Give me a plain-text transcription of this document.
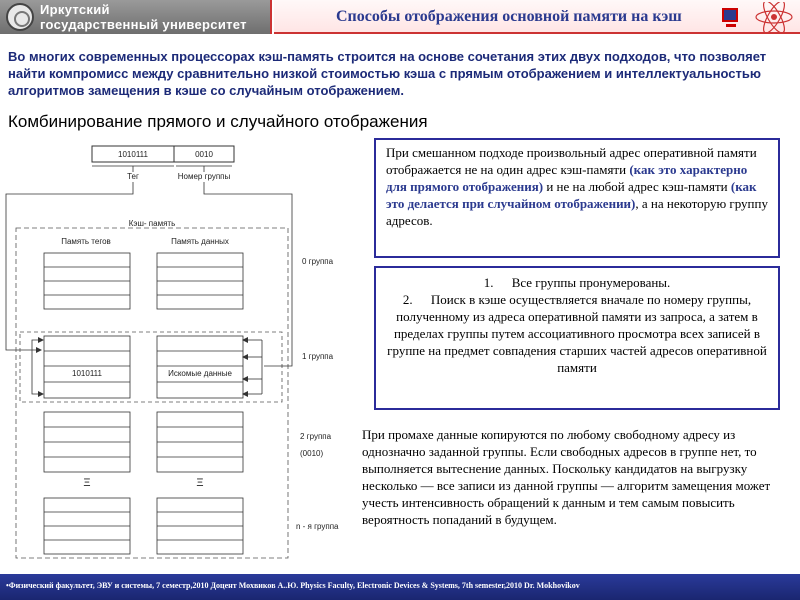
Иркутский
государственный университет	Способы отображения основной памяти на кэш
Во многих современных процессорах кэш-память строится на основе сочетания этих двух подходов, что позволяет найти компромисс между сравнительно низкой стоимостью кэша с прямым отображением и интеллектуальностью алгоритмов замещения в кэше со случайным отображением.
Комбинирование прямого и случайного отображения
1010111	0010
Тег	Номер группы
Кэш- память
Память тегов	Память данных
0 группа
1010111	Искомые данные
1 группа
2 группа
(0010)
Ξ	Ξ
n - я группа
При смешанном подходе произвольный адрес оперативной памяти отображается не на один адрес кэш-памяти (как это характерно для прямого отображения) и не на любой адрес кэш-памяти (как это делается при случайном отображении), а на некоторую группу адресов.
1. Все группы пронумерованы.
2. Поиск в кэше осуществляется вначале по номеру группы, полученному из адреса оперативной памяти из запроса, а затем в пределах группы путем ассоциативного просмотра всех записей в группе на предмет совпадения старших частей адресов оперативной памяти
При промахе данные копируются по любому свободному адресу из однозначно заданной группы. Если свободных адресов в группе нет, то выполняется вытеснение данных. Поскольку кандидатов на выгрузку несколько — все записи из данной группы — алгоритм замещения может учесть интенсивность обращений к данным и тем самым повысить вероятность попаданий в будущем.
•Физический факультет, ЭВУ и системы, 7 семестр,2010 Доцент Мохвиков А..Ю. Physics Faculty, Electronic Devices & Systems, 7th semester,2010 Dr. Mokhovikov
